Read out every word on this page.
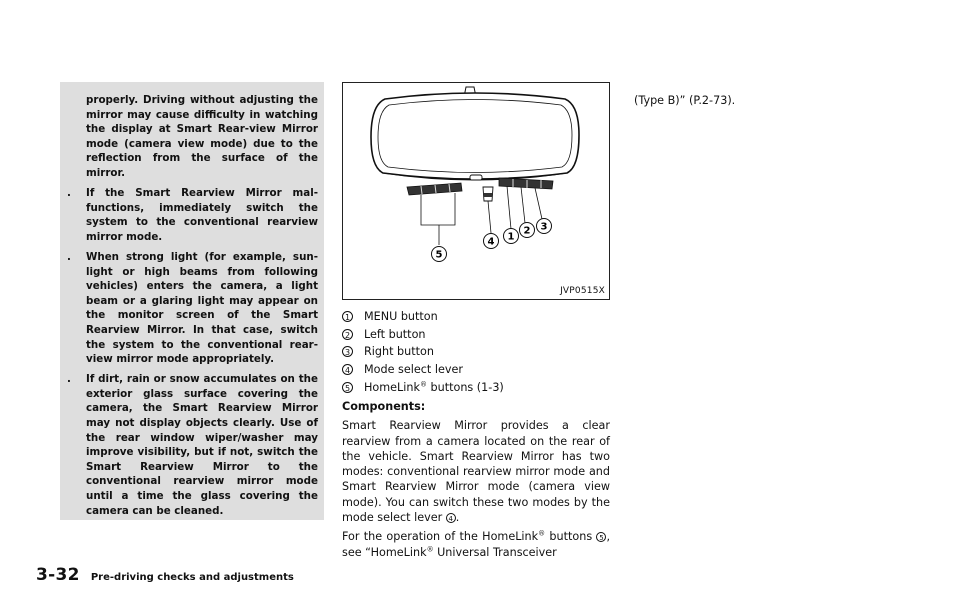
properly. Driving without adjusting the mirror may cause difficulty in watching the display at Smart Rear-view Mirror mode (camera view mode) due to the reflection from the surface of the mirror.

. If the Smart Rearview Mirror mal-functions, immediately switch the system to the conventional rearview mirror mode.

. When strong light (for example, sun-light or high beams from following vehicles) enters the camera, a light beam or a glaring light may appear on the monitor screen of the Smart Rearview Mirror. In that case, switch the system to the conventional rear-view mirror mode appropriately.

. If dirt, rain or snow accumulates on the exterior glass surface covering the camera, the Smart Rearview Mirror may not display objects clearly. Use of the rear window wiper/washer may improve visibility, but if not, switch the Smart Rearview Mirror to the conventional rearview mirror mode until a time the glass covering the camera can be cleaned.

4 1
2 3
5
JVP0515X
1 MENU button
2 Left button
3 Right button
4 Mode select lever
5 HomeLink® buttons (1-3)

Components:

Smart Rearview Mirror provides a clear rearview from a camera located on the rear of the vehicle. Smart Rearview Mirror has two modes: conventional rearview mirror mode and Smart Rearview Mirror mode (camera view mode). You can switch these two modes by the mode select lever 4 .

For the operation of the HomeLink® buttons 5 , see “HomeLink® Universal Transceiver

(Type B)” (P.2-73).
3-32 Pre-driving checks and adjustments
